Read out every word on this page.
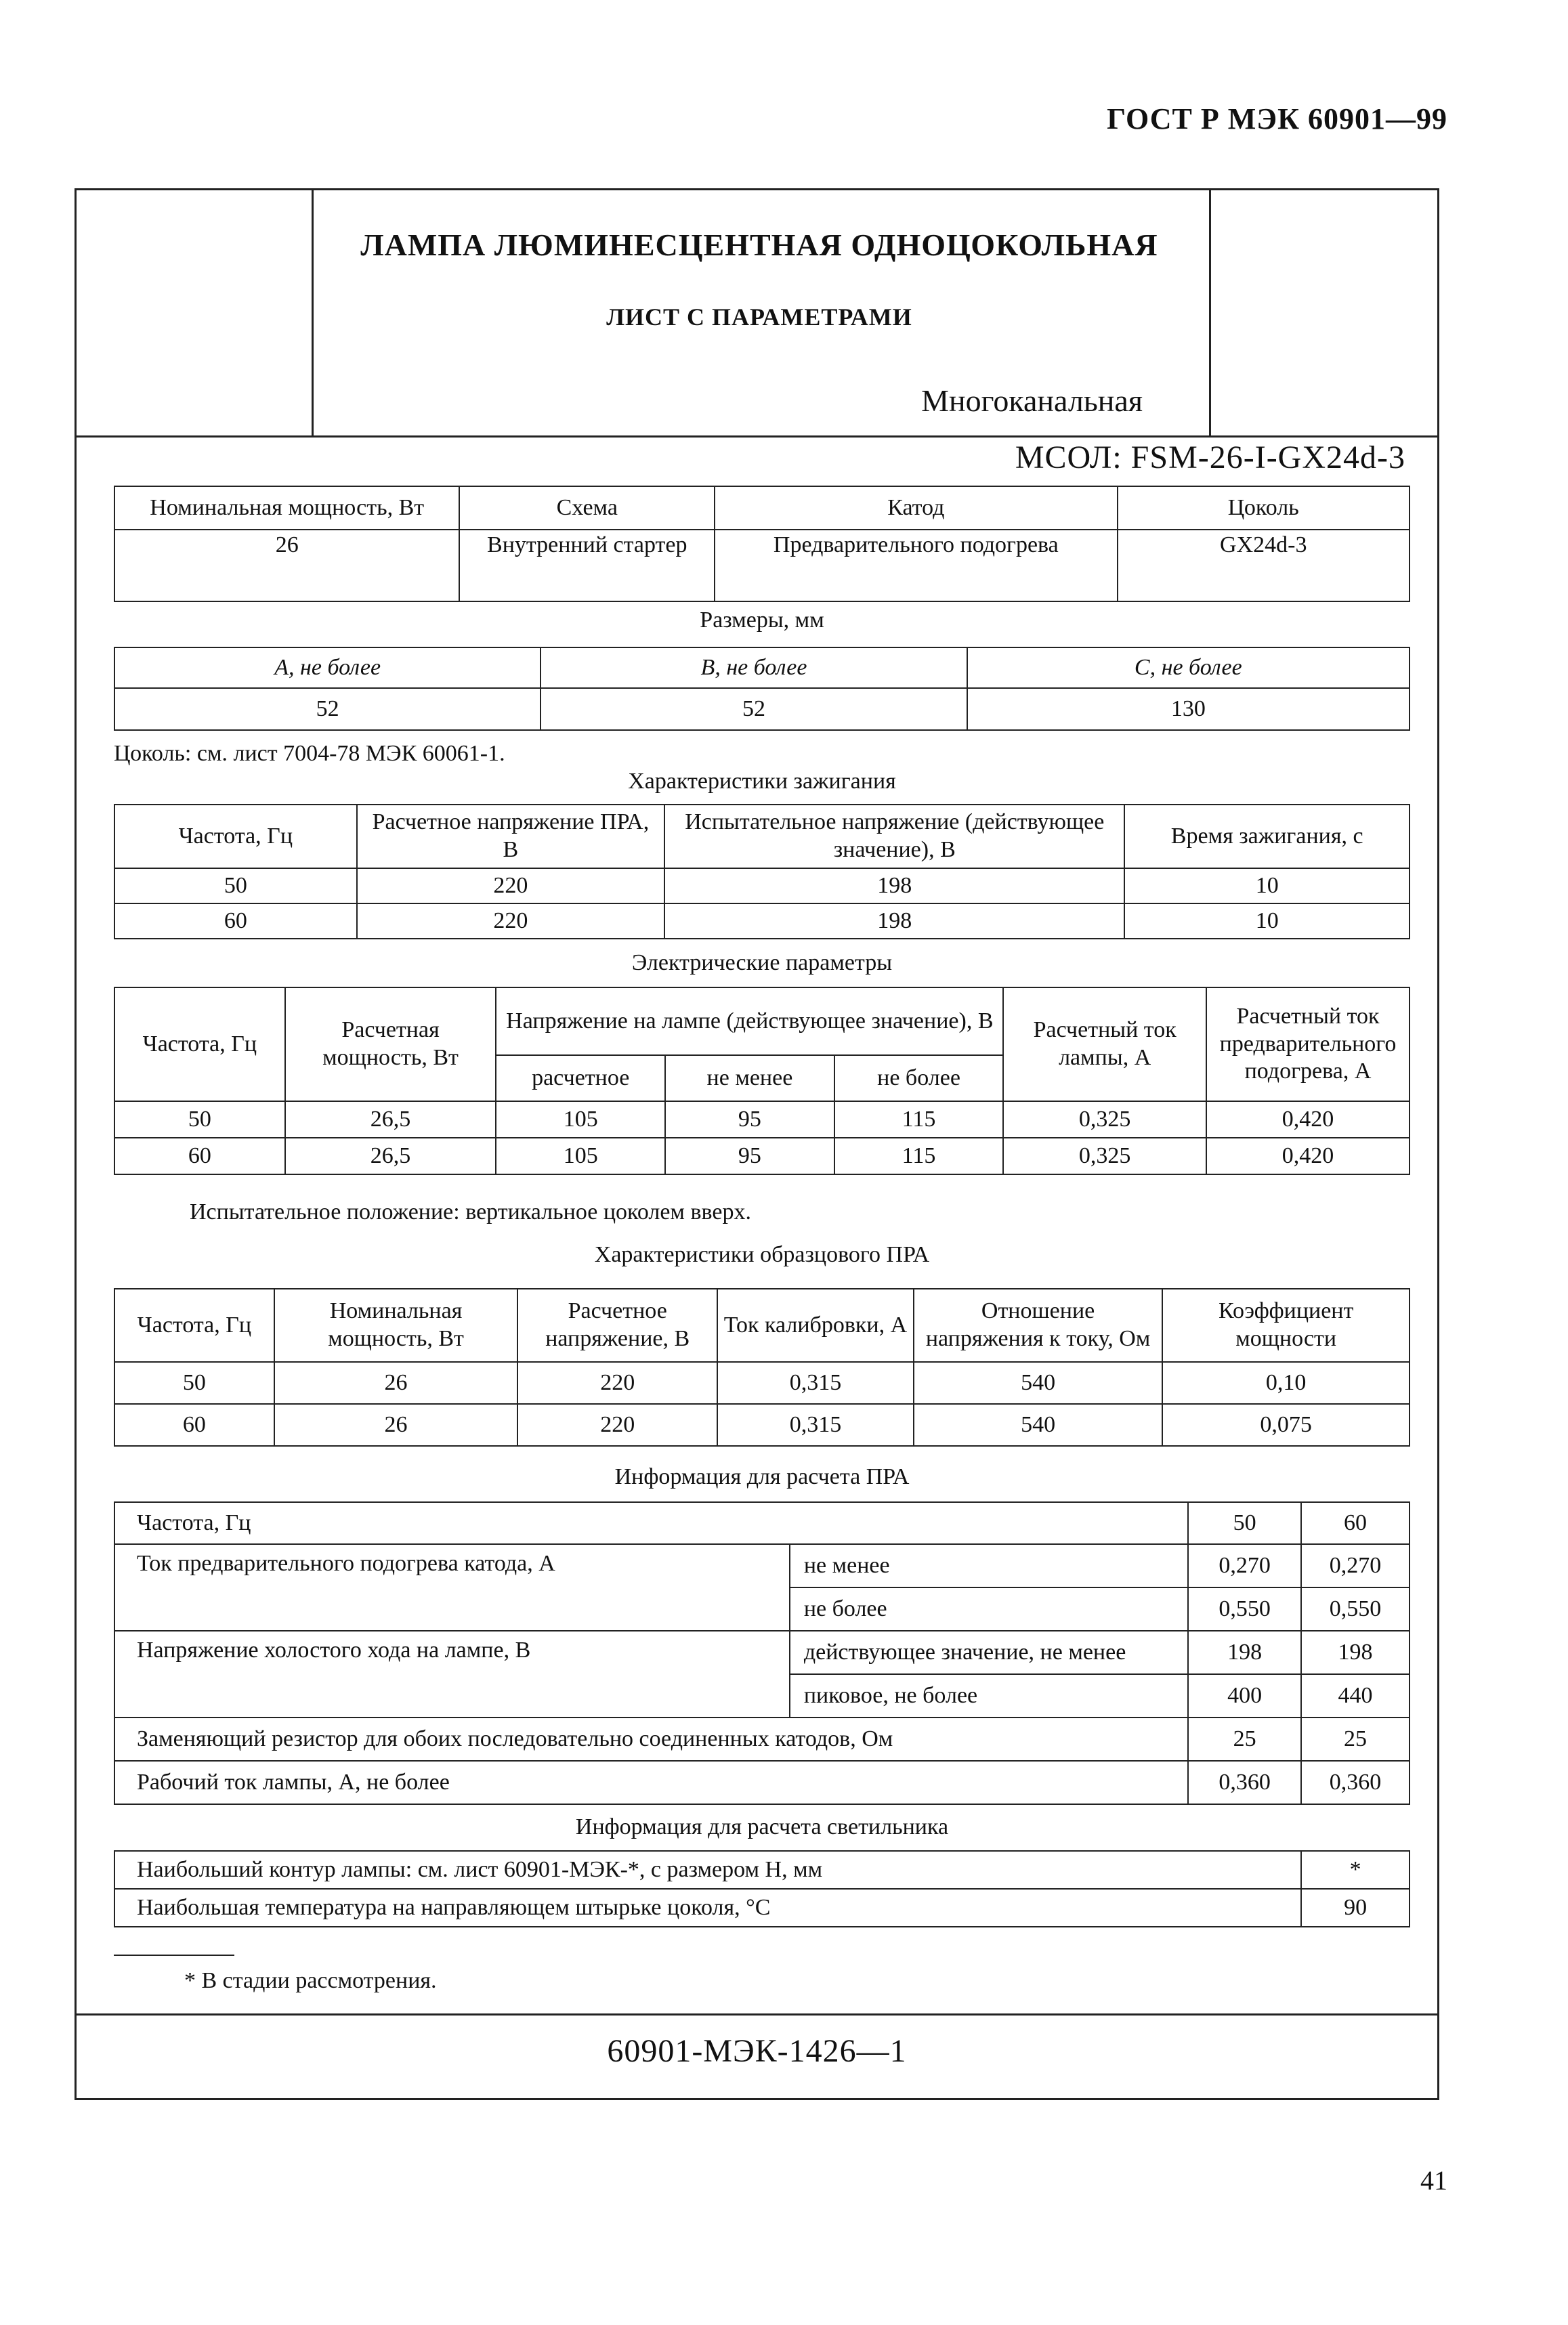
ГОСТ Р МЭК 60901—99
ЛАМПА ЛЮМИНЕСЦЕНТНАЯ ОДНОЦОКОЛЬНАЯ
ЛИСТ С ПАРАМЕТРАМИ
Многоканальная
МСОЛ: FSM-26-I-GX24d-3
Номинальная мощность, Вт	Схема	Катод	Цоколь
26	Внутренний стартер	Предварительного подогрева	GX24d-3
Размеры, мм
А, не более	В, не более	С, не более
52	52	130
Цоколь: см. лист 7004-78 МЭК 60061-1.
Характеристики зажигания
Частота, Гц	Расчетное напряжение ПРА, В	Испытательное напряжение (действующее значение), В	Время зажигания, с
50	220	198	10
60	220	198	10
Электрические параметры
Частота, Гц	Расчетная мощность, Вт	Напряжение на лампе (действующее значение), В			Расчетный ток лампы, А	Расчетный ток предварительного подогрева, А
		расчетное	не менее	не более		
50	26,5	105	95	115	0,325	0,420
60	26,5	105	95	115	0,325	0,420
Испытательное положение: вертикальное цоколем вверх.
Характеристики образцового ПРА
Частота, Гц	Номинальная мощность, Вт	Расчетное напряжение, В	Ток калибровки, А	Отношение напряжения к току, Ом	Коэффициент мощности
50	26	220	0,315	540	0,10
60	26	220	0,315	540	0,075
Информация для расчета ПРА
Частота, Гц		50	60
Ток предварительного подогрева катода, А	не менее	0,270	0,270
	не более	0,550	0,550
Напряжение холостого хода на лампе, В	действующее значение, не менее	198	198
	пиковое, не более	400	440
Заменяющий резистор для обоих последовательно соединенных катодов, Ом		25	25
Рабочий ток лампы, А, не более		0,360	0,360
Информация для расчета светильника
Наибольший контур лампы: см. лист 60901-МЭК-*, с размером H, мм	*
Наибольшая температура на направляющем штырьке цоколя, °С	90
* В стадии рассмотрения.
60901-МЭК-1426—1
41
